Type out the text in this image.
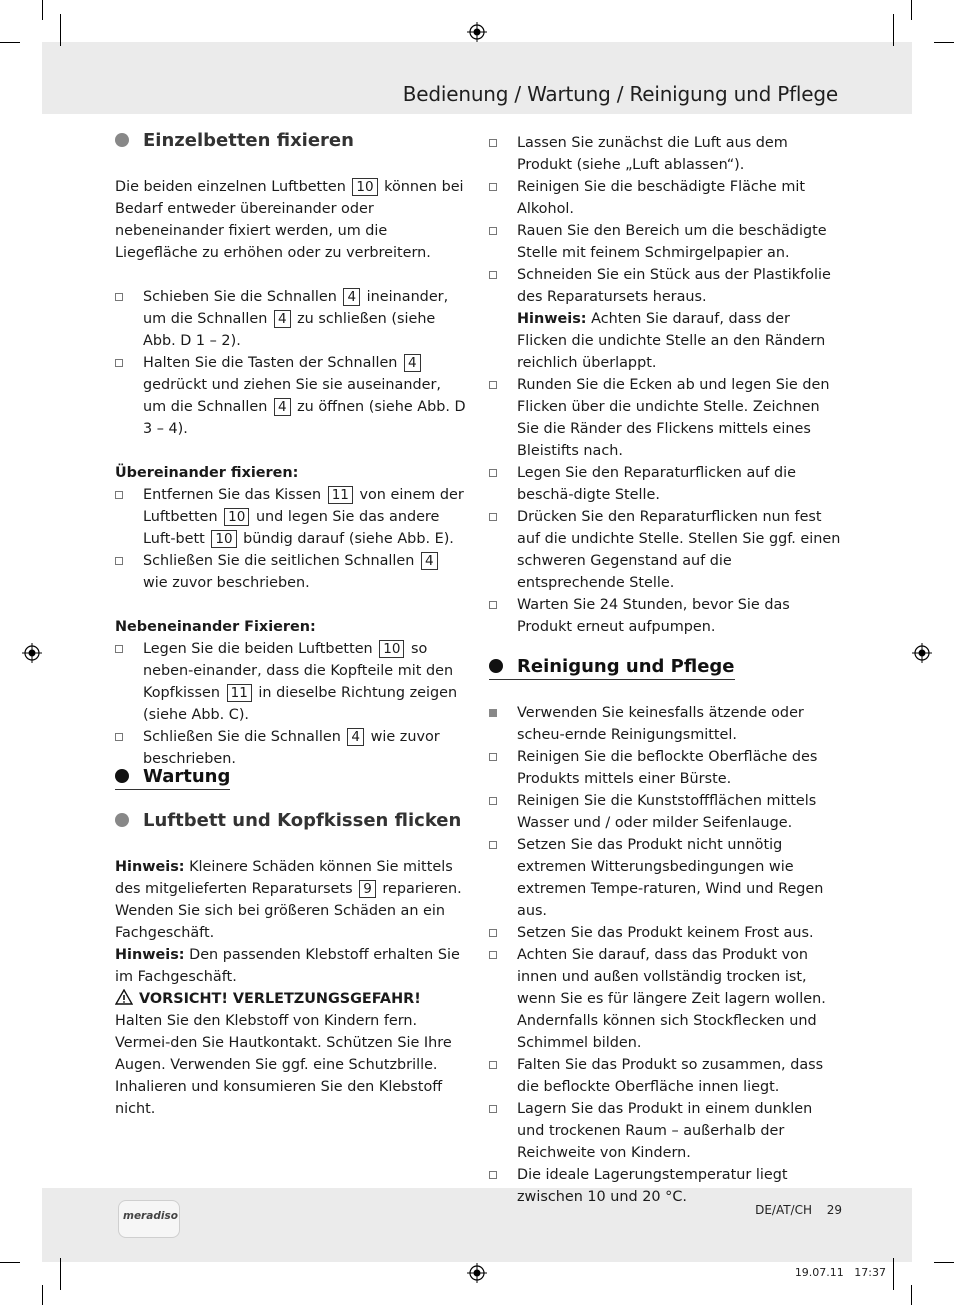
Bedienung / Wartung / Reinigung und Pflege
Einzelbetten fixieren

Die beiden einzelnen Luftbetten 10 können bei Bedarf entweder übereinander oder nebeneinander fixiert werden, um die Liegefläche zu erhöhen oder zu verbreitern.

Schieben Sie die Schnallen 4 ineinander, um die Schnallen 4 zu schließen (siehe Abb. D 1 – 2).

Halten Sie die Tasten der Schnallen 4 gedrückt und ziehen Sie sie auseinander, um die Schnallen 4 zu öffnen (siehe Abb. D 3 – 4).

Übereinander fixieren:

Entfernen Sie das Kissen 11 von einem der Luftbetten 10 und legen Sie das andere Luft-bett 10 bündig darauf (siehe Abb. E).

Schließen Sie die seitlichen Schnallen 4 wie zuvor beschrieben.

Nebeneinander Fixieren:

Legen Sie die beiden Luftbetten 10 so neben-einander, dass die Kopfteile mit den Kopfkissen 11 in dieselbe Richtung zeigen (siehe Abb. C).

Schließen Sie die Schnallen 4 wie zuvor beschrieben.

Wartung
Luftbett und Kopfkissen flicken

Hinweis: Kleinere Schäden können Sie mittels des mitgelieferten Reparatursets 9 reparieren. Wenden Sie sich bei größeren Schäden an ein Fachgeschäft.

Hinweis: Den passenden Klebstoff erhalten Sie im Fachgeschäft.

VORSICHT! VERLETZUNGSGEFAHR!

Halten Sie den Klebstoff von Kindern fern. Vermei-den Sie Hautkontakt. Schützen Sie Ihre Augen. Verwenden Sie ggf. eine Schutzbrille. Inhalieren und konsumieren Sie den Klebstoff nicht.

Lassen Sie zunächst die Luft aus dem Produkt (siehe „Luft ablassen“).

Reinigen Sie die beschädigte Fläche mit Alkohol.

Rauen Sie den Bereich um die beschädigte Stelle mit feinem Schmirgelpapier an.

Schneiden Sie ein Stück aus der Plastikfolie des Reparatursets heraus.
Hinweis: Achten Sie darauf, dass der Flicken die undichte Stelle an den Rändern reichlich überlappt.

Runden Sie die Ecken ab und legen Sie den Flicken über die undichte Stelle. Zeichnen Sie die Ränder des Flickens mittels eines Bleistifts nach.

Legen Sie den Reparaturflicken auf die beschä-digte Stelle.

Drücken Sie den Reparaturflicken nun fest auf die undichte Stelle. Stellen Sie ggf. einen schweren Gegenstand auf die entsprechende Stelle.

Warten Sie 24 Stunden, bevor Sie das Produkt erneut aufpumpen.

Reinigung und Pflege

Verwenden Sie keinesfalls ätzende oder scheu-ernde Reinigungsmittel.

Reinigen Sie die beflockte Oberfläche des Produkts mittels einer Bürste.

Reinigen Sie die Kunststoffflächen mittels Wasser und / oder milder Seifenlauge.

Setzen Sie das Produkt nicht unnötig extremen Witterungsbedingungen wie extremen Tempe-raturen, Wind und Regen aus.

Setzen Sie das Produkt keinem Frost aus.

Achten Sie darauf, dass das Produkt von innen und außen vollständig trocken ist, wenn Sie es für längere Zeit lagern wollen. Andernfalls können sich Stockflecken und Schimmel bilden.

Falten Sie das Produkt so zusammen, dass die beflockte Oberfläche innen liegt.

Lagern Sie das Produkt in einem dunklen und trockenen Raum – außerhalb der Reichweite von Kindern.

Die ideale Lagerungstemperatur liegt zwischen 10 und 20 °C.

meradiso	DE/AT/CH 29
19.07.11 17:37
